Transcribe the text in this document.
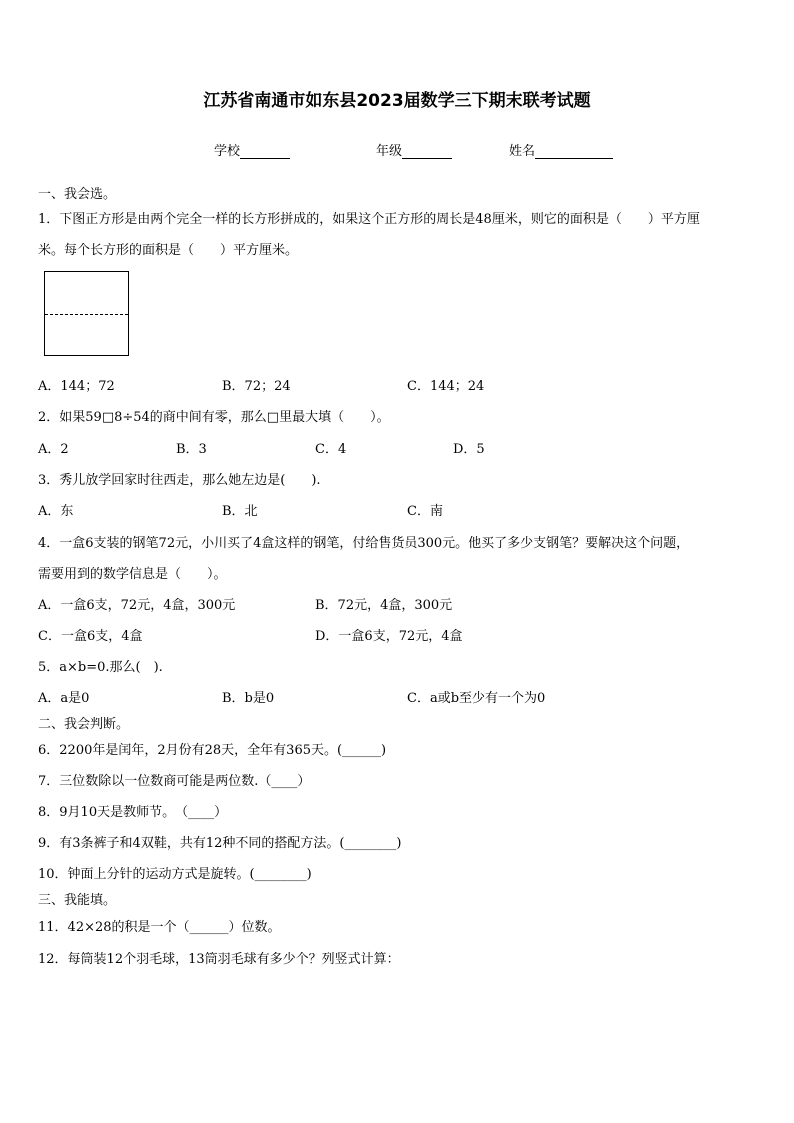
江苏省南通市如东县2023届数学三下期末联考试题
学校	年级	姓名
一、我会选。
1．下图正方形是由两个完全一样的长方形拼成的，如果这个正方形的周长是48厘米，则它的面积是（　　）平方厘
米。每个长方形的面积是（　　）平方厘米。
A．144；72	B．72；24	C．144；24
2．如果59□8÷54的商中间有零，那么□里最大填（　　）。
A．2	B．3	C．4	D．5
3．秀儿放学回家时往西走，那么她左边是(　　).
A．东	B．北	C．南
4．一盒6支装的钢笔72元，小川买了4盒这样的钢笔，付给售货员300元。他买了多少支钢笔？要解决这个问题，
需要用到的数学信息是（　　）。
A．一盒6支，72元，4盒，300元	B．72元，4盒，300元
C．一盒6支，4盒	D．一盒6支，72元，4盒
5．a×b=0.那么(　).
A．a是0	B．b是0	C．a或b至少有一个为0
二、我会判断。
6．2200年是闰年，2月份有28天，全年有365天。(______)
7．三位数除以一位数商可能是两位数.（____）
8．9月10天是教师节。　（____）
9．有3条裤子和4双鞋，共有12种不同的搭配方法。(________)
10．钟面上分针的运动方式是旋转。(________)
三、我能填。
11．42×28的积是一个（______）位数。
12．每筒装12个羽毛球，13筒羽毛球有多少个？列竖式计算：
